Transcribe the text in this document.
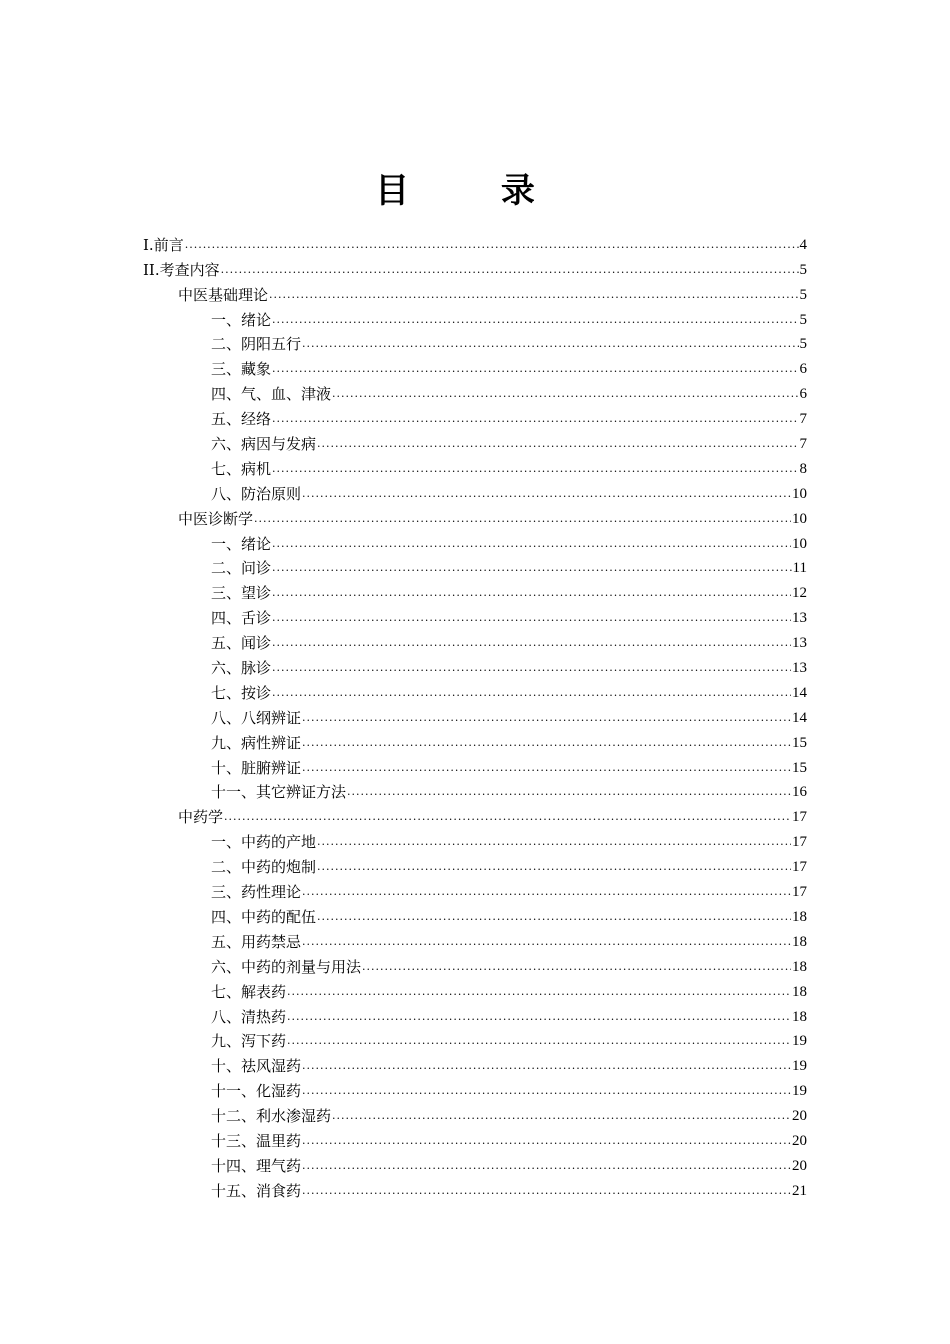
目 录
I.前言 .....	4
II.考查内容 .....	5
中医基础理论 .....	5
一、绪论 .....	5
二、阴阳五行 .....	5
三、藏象 .....	6
四、气、血、津液 .....	6
五、经络 .....	7
六、病因与发病 .....	7
七、病机 .....	8
八、防治原则 .....	10
中医诊断学 .....	10
一、绪论 .....	10
二、问诊 .....	11
三、望诊 .....	12
四、舌诊 .....	13
五、闻诊 .....	13
六、脉诊 .....	13
七、按诊 .....	14
八、八纲辨证 .....	14
九、病性辨证 .....	15
十、脏腑辨证 .....	15
十一、其它辨证方法 .....	16
中药学 .....	17
一、中药的产地 .....	17
二、中药的炮制 .....	17
三、药性理论 .....	17
四、中药的配伍 .....	18
五、用药禁忌 .....	18
六、中药的剂量与用法 .....	18
七、解表药 .....	18
八、清热药 .....	18
九、泻下药 .....	19
十、祛风湿药 .....	19
十一、化湿药 .....	19
十二、利水渗湿药 .....	20
十三、温里药 .....	20
十四、理气药 .....	20
十五、消食药 .....	21
